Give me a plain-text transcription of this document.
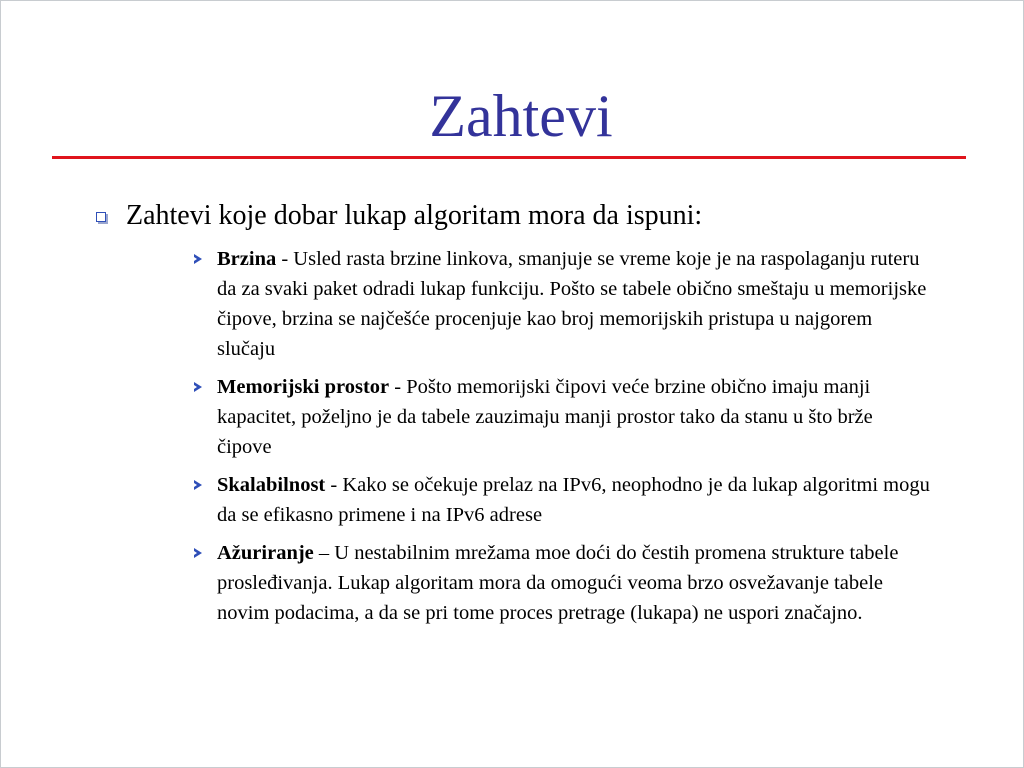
Zahtevi
Zahtevi koje dobar lukap algoritam mora da ispuni:
Brzina - Usled rasta brzine linkova, smanjuje se vreme koje je na raspolaganju ruteru da za svaki paket odradi lukap funkciju. Pošto se tabele obično smeštaju u memorijske čipove, brzina se najčešće procenjuje kao broj memorijskih pristupa u najgorem slučaju
Memorijski prostor - Pošto memorijski čipovi veće brzine obično imaju manji kapacitet, poželjno je da tabele zauzimaju manji prostor tako da stanu u što brže čipove
Skalabilnost - Kako se očekuje prelaz na IPv6, neophodno je da lukap algoritmi mogu da se efikasno primene i na IPv6 adrese
Ažuriranje – U nestabilnim mrežama moe doći do čestih promena strukture tabele prosleđivanja. Lukap algoritam mora da omogući veoma brzo osvežavanje tabele novim podacima, a da se pri tome proces pretrage (lukapa) ne uspori značajno.
